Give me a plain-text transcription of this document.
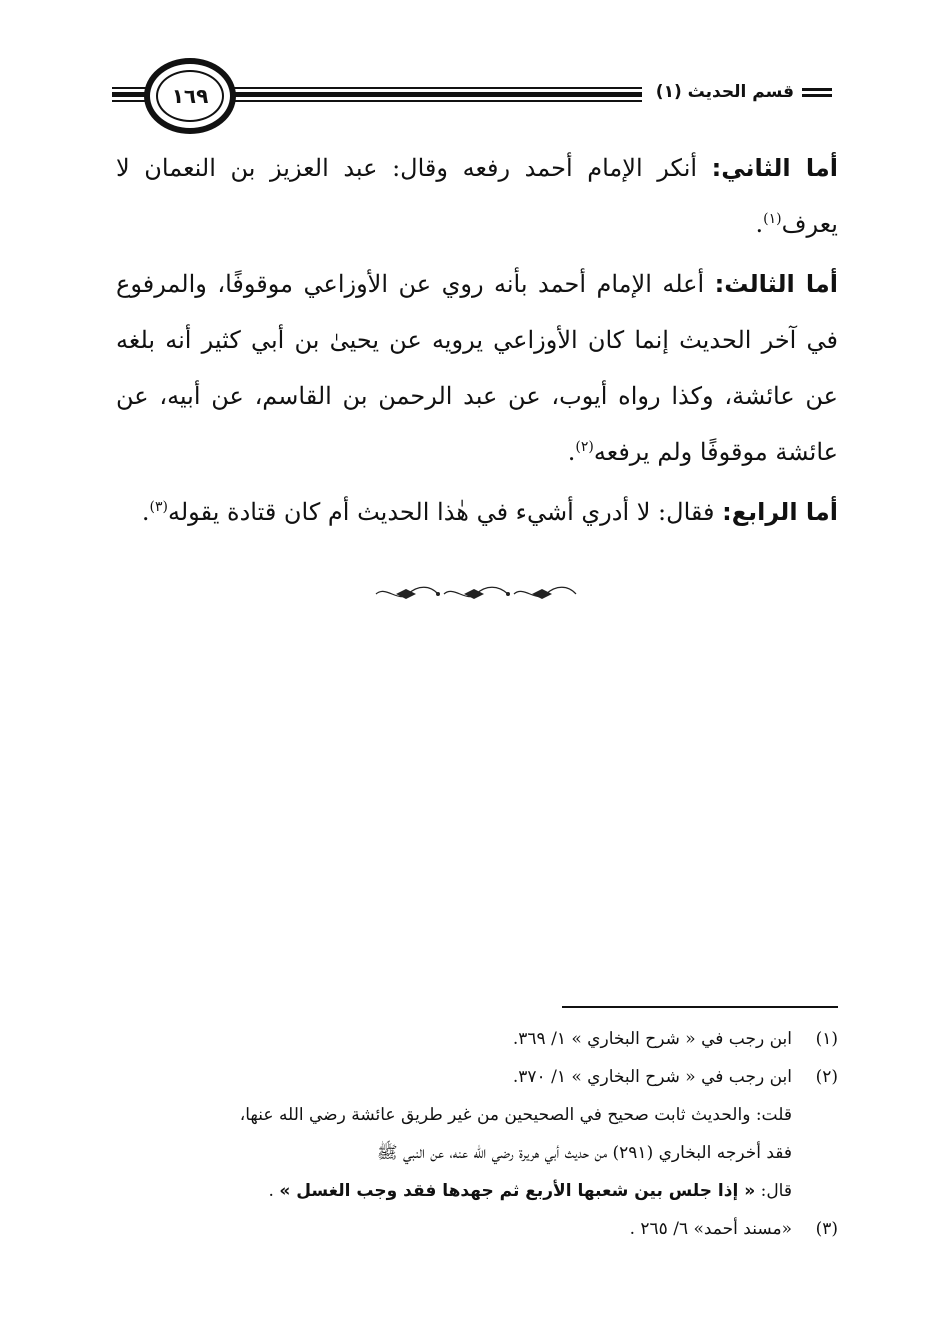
قسم الحديث (١)
١٦٩

أما الثاني: أنكر الإمام أحمد رفعه وقال: عبد العزيز بن النعمان لا يعرف$^{(١)}$.

أما الثالث: أعله الإمام أحمد بأنه روي عن الأوزاعي موقوفًا، والمرفوع في آخر الحديث إنما كان الأوزاعي يرويه عن يحيىٰ بن أبي كثير أنه بلغه عن عائشة، وكذا رواه أيوب، عن عبد الرحمن بن القاسم، عن أبيه، عن عائشة موقوفًا ولم يرفعه$^{(٢)}$.

أما الرابع: فقال: لا أدري أشيء في هٰذا الحديث أم كان قتادة يقوله$^{(٣)}$.

(١)
ابن رجب في « شرح البخاري » ١/ ٣٦٩.
(٢)
ابن رجب في « شرح البخاري » ١/ ٣٧٠.
قلت: والحديث ثابت صحيح في الصحيحين من غير طريق عائشة رضي الله عنها،
فقد أخرجه البخاري (٢٩١) من حديث أبي هريرة رضي الله عنه، عن النبي ﷺ
قال: « إذا جلس بين شعبها الأربع ثم جهدها فقد وجب الغسل » .
(٣)
«مسند أحمد» ٦/ ٢٦٥ .
